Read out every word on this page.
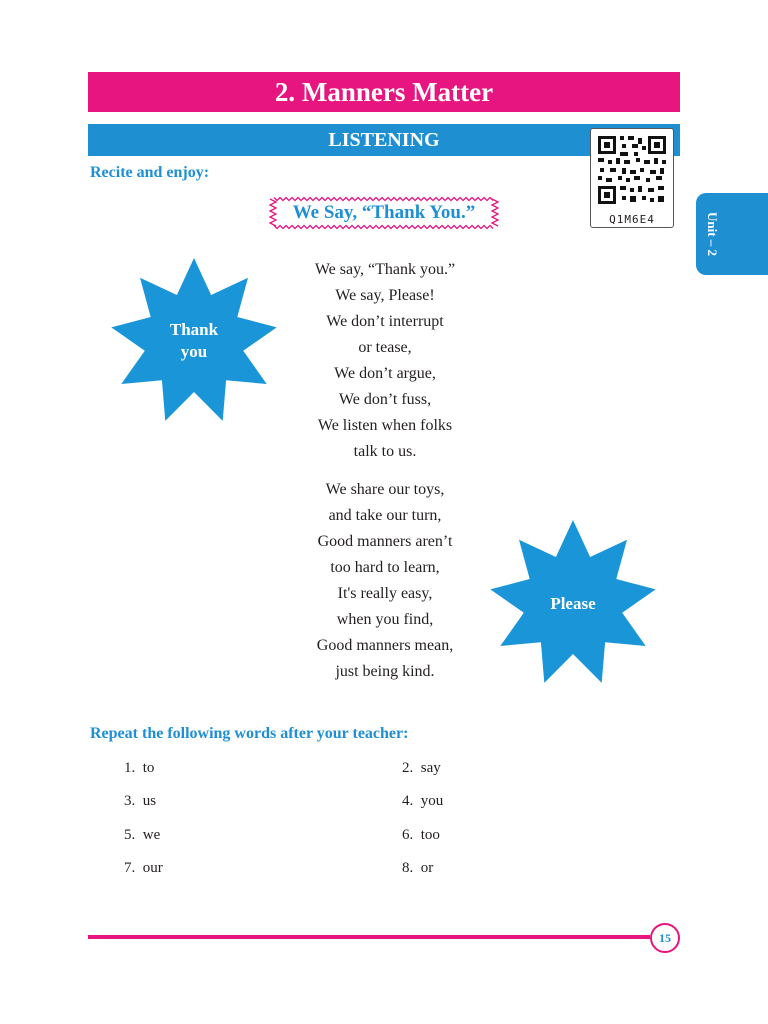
2. Manners Matter
LISTENING
Q1M6E4	Unit – 2
Recite and enjoy:
We Say, “Thank You.”
Thank
you
Please
We say, “Thank you.”
We say, Please!
We don’t interrupt
or tease,
We don’t argue,
We don’t fuss,
We listen when folks
talk to us.
We share our toys,
and take our turn,
Good manners aren’t
too hard to learn,
It's really easy,
when you find,
Good manners mean,
just being kind.
Repeat the following words after your teacher:
1. to	2. say
3. us	4. you
5. we	6. too
7. our	8. or
15
